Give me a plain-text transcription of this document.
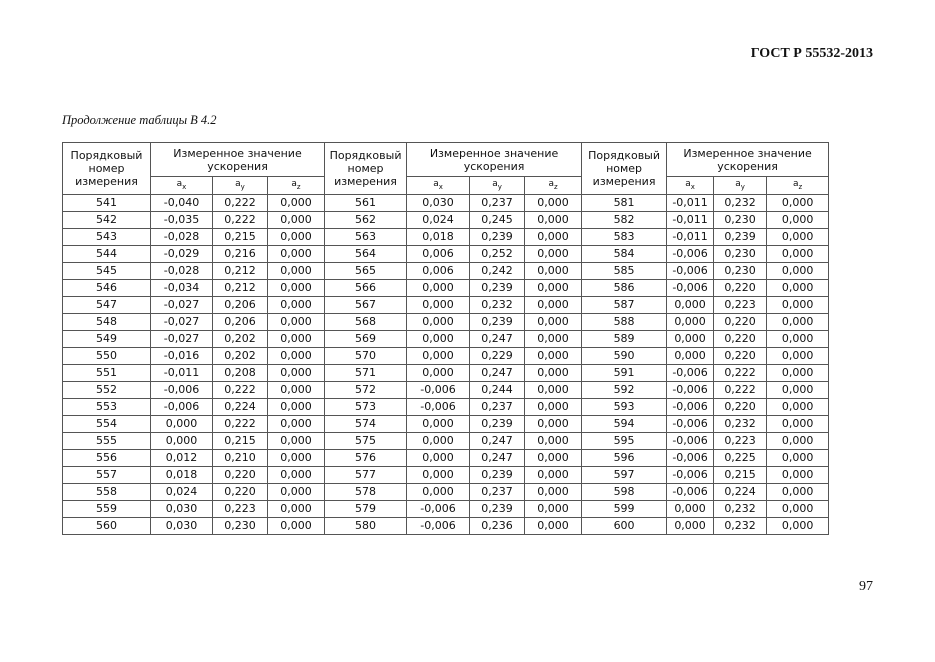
ГОСТ Р 55532-2013
Продолжение таблицы В 4.2
Порядковый номер измерения	Измеренное значение ускорения			Порядковый номер измерения	Измеренное значение ускорения			Порядковый номер измерения	Измеренное значение ускорения		
	$a_x$	$a_y$	$a_z$		$a_x$	$a_y$	$a_z$		$a_x$	$a_y$	$a_z$
541	-0,040	0,222	0,000	561	0,030	0,237	0,000	581	-0,011	0,232	0,000
542	-0,035	0,222	0,000	562	0,024	0,245	0,000	582	-0,011	0,230	0,000
543	-0,028	0,215	0,000	563	0,018	0,239	0,000	583	-0,011	0,239	0,000
544	-0,029	0,216	0,000	564	0,006	0,252	0,000	584	-0,006	0,230	0,000
545	-0,028	0,212	0,000	565	0,006	0,242	0,000	585	-0,006	0,230	0,000
546	-0,034	0,212	0,000	566	0,000	0,239	0,000	586	-0,006	0,220	0,000
547	-0,027	0,206	0,000	567	0,000	0,232	0,000	587	0,000	0,223	0,000
548	-0,027	0,206	0,000	568	0,000	0,239	0,000	588	0,000	0,220	0,000
549	-0,027	0,202	0,000	569	0,000	0,247	0,000	589	0,000	0,220	0,000
550	-0,016	0,202	0,000	570	0,000	0,229	0,000	590	0,000	0,220	0,000
551	-0,011	0,208	0,000	571	0,000	0,247	0,000	591	-0,006	0,222	0,000
552	-0,006	0,222	0,000	572	-0,006	0,244	0,000	592	-0,006	0,222	0,000
553	-0,006	0,224	0,000	573	-0,006	0,237	0,000	593	-0,006	0,220	0,000
554	0,000	0,222	0,000	574	0,000	0,239	0,000	594	-0,006	0,232	0,000
555	0,000	0,215	0,000	575	0,000	0,247	0,000	595	-0,006	0,223	0,000
556	0,012	0,210	0,000	576	0,000	0,247	0,000	596	-0,006	0,225	0,000
557	0,018	0,220	0,000	577	0,000	0,239	0,000	597	-0,006	0,215	0,000
558	0,024	0,220	0,000	578	0,000	0,237	0,000	598	-0,006	0,224	0,000
559	0,030	0,223	0,000	579	-0,006	0,239	0,000	599	0,000	0,232	0,000
560	0,030	0,230	0,000	580	-0,006	0,236	0,000	600	0,000	0,232	0,000
97
